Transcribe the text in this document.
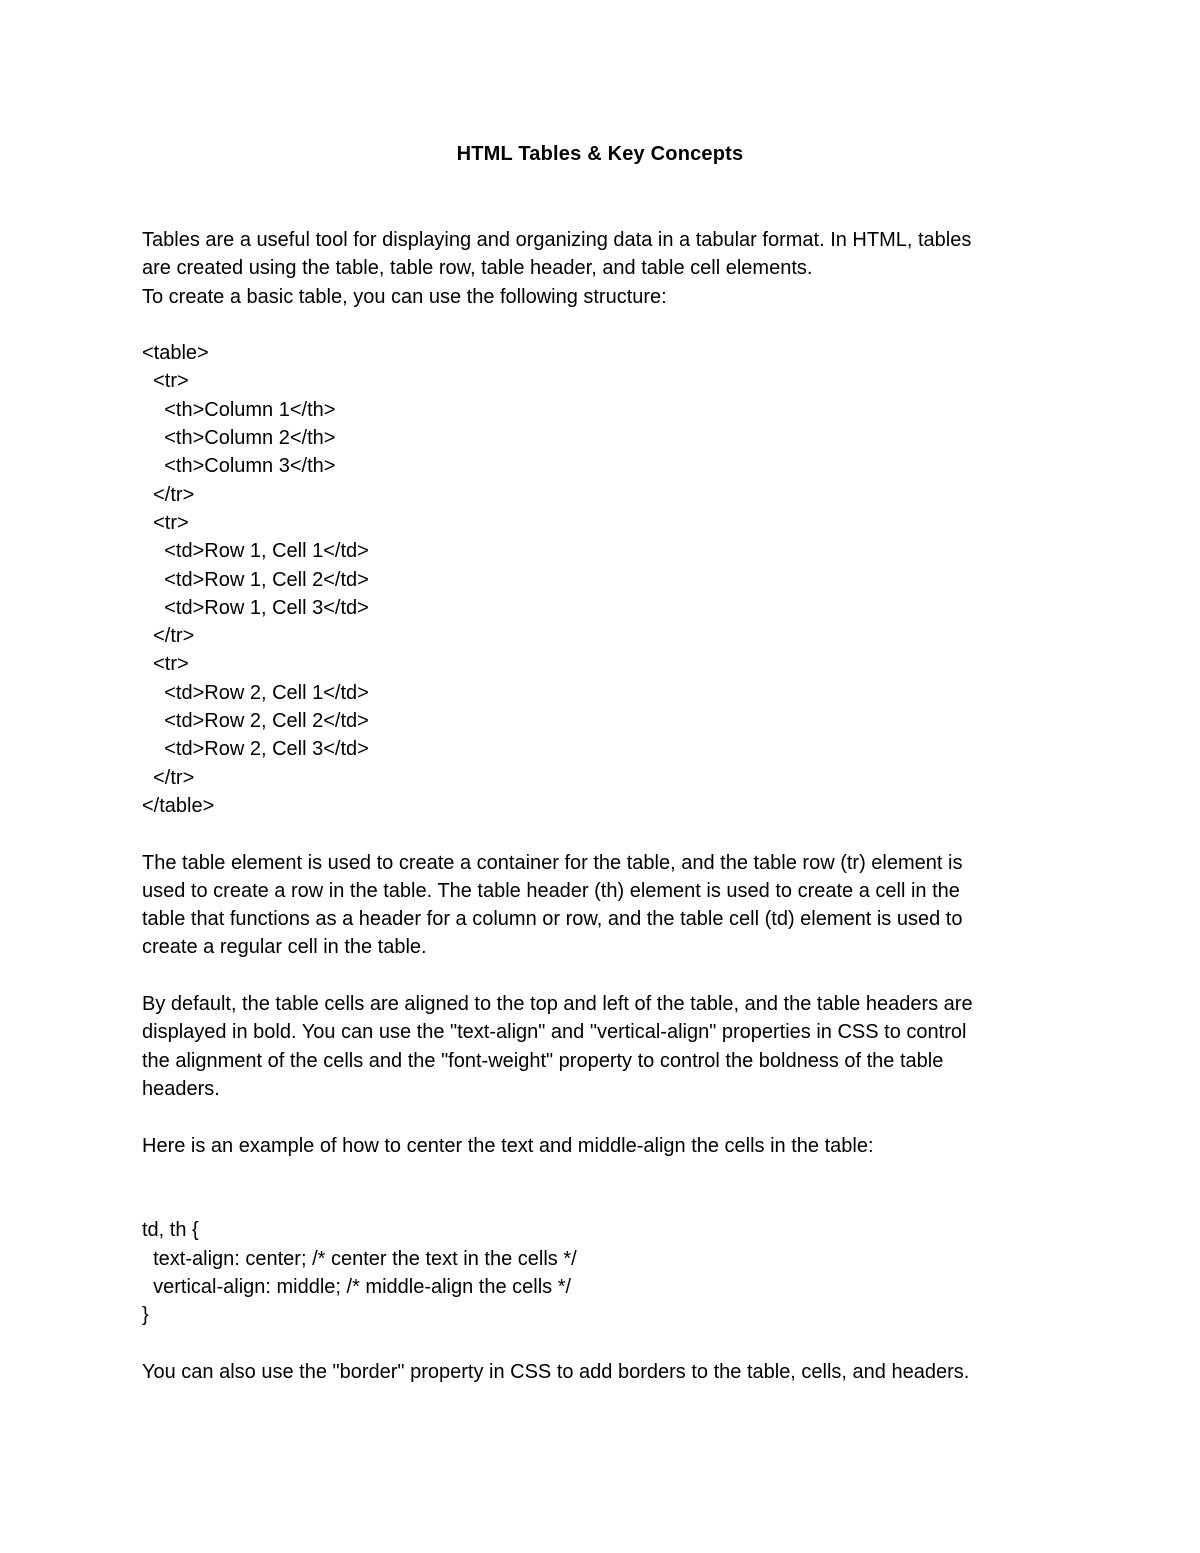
HTML Tables & Key Concepts
Tables are a useful tool for displaying and organizing data in a tabular format. In HTML, tables
are created using the table, table row, table header, and table cell elements.
To create a basic table, you can use the following structure:
<table>
<tr>
<th>Column 1</th>
<th>Column 2</th>
<th>Column 3</th>
</tr>
<tr>
<td>Row 1, Cell 1</td>
<td>Row 1, Cell 2</td>
<td>Row 1, Cell 3</td>
</tr>
<tr>
<td>Row 2, Cell 1</td>
<td>Row 2, Cell 2</td>
<td>Row 2, Cell 3</td>
</tr>
</table>
The table element is used to create a container for the table, and the table row (tr) element is
used to create a row in the table. The table header (th) element is used to create a cell in the
table that functions as a header for a column or row, and the table cell (td) element is used to
create a regular cell in the table.
By default, the table cells are aligned to the top and left of the table, and the table headers are
displayed in bold. You can use the "text-align" and "vertical-align" properties in CSS to control
the alignment of the cells and the "font-weight" property to control the boldness of the table
headers.
Here is an example of how to center the text and middle-align the cells in the table:
td, th {
text-align: center; /* center the text in the cells */
vertical-align: middle; /* middle-align the cells */
}
You can also use the "border" property in CSS to add borders to the table, cells, and headers.
